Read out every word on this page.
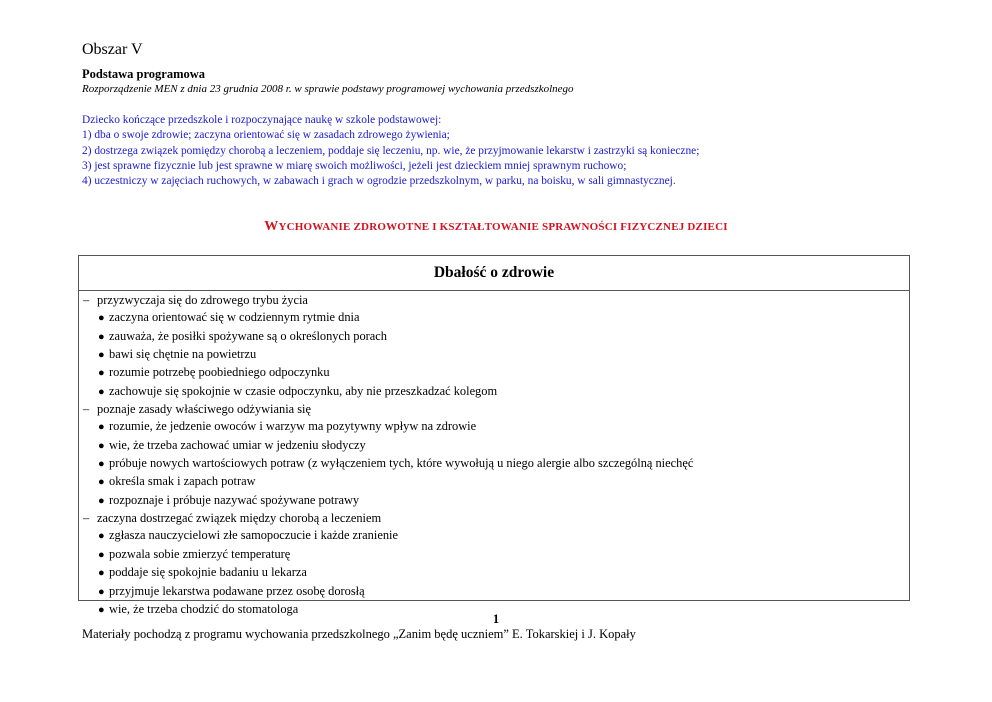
Obszar V
Podstawa programowa
Rozporządzenie MEN z dnia 23 grudnia 2008 r. w sprawie podstawy programowej wychowania przedszkolnego
Dziecko kończące przedszkole i rozpoczynające naukę w szkole podstawowej:
1) dba o swoje zdrowie; zaczyna orientować się w zasadach zdrowego żywienia;
2) dostrzega związek pomiędzy chorobą a leczeniem, poddaje się leczeniu, np. wie, że przyjmowanie lekarstw i zastrzyki są konieczne;
3) jest sprawne fizycznie lub jest sprawne w miarę swoich możliwości, jeżeli jest dzieckiem mniej sprawnym ruchowo;
4) uczestniczy w zajęciach ruchowych, w zabawach i grach w ogrodzie przedszkolnym, w parku, na boisku, w sali gimnastycznej.
WYCHOWANIE ZDROWOTNE I KSZTAŁTOWANIE SPRAWNOŚCI FIZYCZNEJ DZIECI
Dbałość o zdrowie
– przyzwyczaja się do zdrowego trybu życia
● zaczyna orientować się w codziennym rytmie dnia
● zauważa, że posiłki spożywane są o określonych porach
● bawi się chętnie na powietrzu
● rozumie potrzebę poobiedniego odpoczynku
● zachowuje się spokojnie w czasie odpoczynku, aby nie przeszkadzać kolegom
– poznaje zasady właściwego odżywiania się
● rozumie, że jedzenie owoców i warzyw ma pozytywny wpływ na zdrowie
● wie, że trzeba zachować umiar w jedzeniu słodyczy
● próbuje nowych wartościowych potraw (z wyłączeniem tych, które wywołują u niego alergie albo szczególną niechęć
● określa smak i zapach potraw
● rozpoznaje i próbuje nazywać spożywane potrawy
– zaczyna dostrzegać związek między chorobą a leczeniem
● zgłasza nauczycielowi złe samopoczucie i każde zranienie
● pozwala sobie zmierzyć temperaturę
● poddaje się spokojnie badaniu u lekarza
● przyjmuje lekarstwa podawane przez osobę dorosłą
● wie, że trzeba chodzić do stomatologa
1
Materiały pochodzą z programu wychowania przedszkolnego „Zanim będę uczniem” E. Tokarskiej i J. Kopały
